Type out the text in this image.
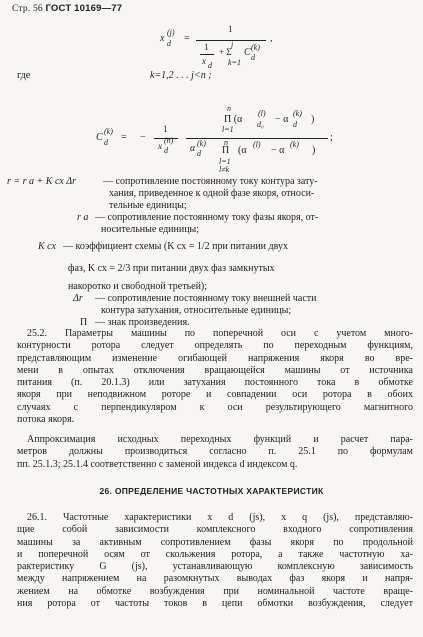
Стр. 56 ГОСТ 10169—77
x d
(j)
=
1
1
x d
+ Σ
j
k=1
C d
(k)
,
где	k=1,2 . . . j<n ;
C d
(k)
= −
1
x d
(n)
n
Π (α d₀
(l)
− α d
(k)
)
l=1
α d
(k) n
Π
l=1
l≠k
(α
(l)
− α
(k)
)
;
r = r a + K сх Δr	— сопротивление постоянному току контура зату-
хания, приведенное к одной фазе якоря, относи-
тельные единицы;
r a — сопротивление постоянному току фазы якоря, от-
носительные единицы;
K сх — коэффициент схемы (K сх = 1/2 при питании двух
фаз, K сх = 2/3 при питании двух фаз замкнутых
накоротко и свободной третьей);
Δr — сопротивление постоянному току внешней части
контура затухания, относительные единицы;
Π — знак произведения.
25.2. Параметры машины по поперечной оси с учетом много-
контурности ротора следует определять по переходным функциям,
представляющим изменение огибающей напряжения якоря во вре-
мени в опытах отключения вращающейся машины от источника
питания (п. 20.1.3) или затухания постоянного тока в обмотке
якоря при неподвижном роторе и совпадении оси ротора в обоих
случаях с перпендикуляром к оси результирующего магнитного
потока якоря.
Аппроксимация исходных переходных функций и расчет пара-
метров должны производиться согласно п. 25.1 по формулам
пп. 25.1.3; 25.1.4 соответственно с заменой индекса d индексом q.
26. ОПРЕДЕЛЕНИЕ ЧАСТОТНЫХ ХАРАКТЕРИСТИК
26.1. Частотные характеристики x d (js), x q (js), представляю-
щие собой зависимости комплексного входного сопротивления
машины за активным сопротивлением фазы якоря по продольной
и поперечной осям от скольжения ротора, а также частотную ха-
рактеристику G (js), устанавливающую комплексную зависимость
между напряжением на разомкнутых выводах фаз якоря и напря-
жением на обмотке возбуждения при номинальной частоте враще-
ния ротора от частоты токов в цепи обмотки возбуждения, следует
